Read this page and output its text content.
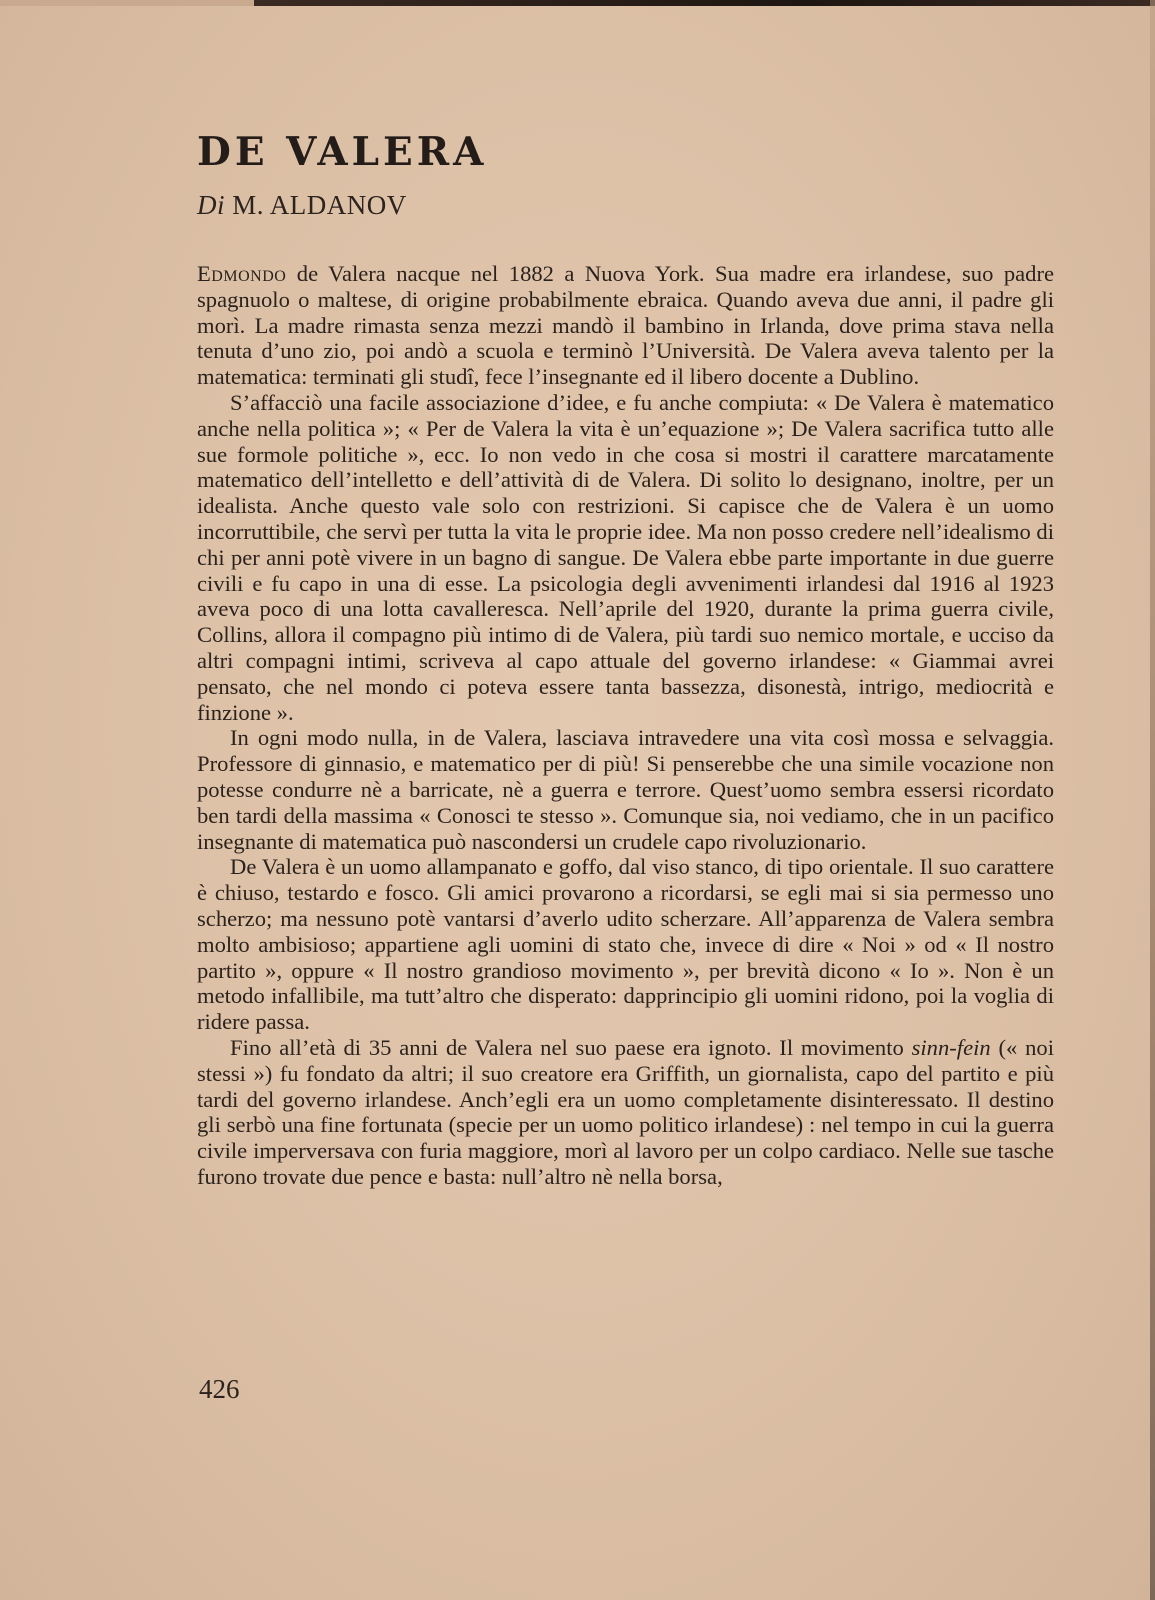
DE VALERA
Di M. ALDANOV

Edmondo de Valera nacque nel 1882 a Nuova York. Sua madre era irlandese, suo padre spagnuolo o maltese, di origine probabilmente ebraica. Quando aveva due anni, il padre gli morì. La madre rimasta senza mezzi mandò il bambino in Irlanda, dove prima stava nella tenuta d’uno zio, poi andò a scuola e terminò l’Università. De Valera aveva talento per la matematica: terminati gli studî, fece l’insegnante ed il libero docente a Dublino.

S’affacciò una facile associazione d’idee, e fu anche compiuta: « De Valera è matematico anche nella politica »; « Per de Valera la vita è un’equazione »; De Valera sacrifica tutto alle sue formole politiche », ecc. Io non vedo in che cosa si mostri il carattere marcatamente matematico dell’intelletto e dell’attività di de Valera. Di solito lo designano, inoltre, per un idealista. Anche questo vale solo con restrizioni. Si capisce che de Valera è un uomo incorruttibile, che servì per tutta la vita le proprie idee. Ma non posso credere nell’idealismo di chi per anni potè vivere in un bagno di sangue. De Valera ebbe parte importante in due guerre civili e fu capo in una di esse. La psicologia degli avvenimenti irlandesi dal 1916 al 1923 aveva poco di una lotta cavalleresca. Nell’aprile del 1920, durante la prima guerra civile, Collins, allora il compagno più intimo di de Valera, più tardi suo nemico mortale, e ucciso da altri compagni intimi, scriveva al capo attuale del governo irlandese: « Giammai avrei pensato, che nel mondo ci poteva essere tanta bassezza, disonestà, intrigo, mediocrità e finzione ».

In ogni modo nulla, in de Valera, lasciava intravedere una vita così mossa e selvaggia. Professore di ginnasio, e matematico per di più! Si penserebbe che una simile vocazione non potesse condurre nè a barricate, nè a guerra e terrore. Quest’uomo sembra essersi ricordato ben tardi della massima « Conosci te stesso ». Comunque sia, noi vediamo, che in un pacifico insegnante di matematica può nascondersi un crudele capo rivoluzionario.

De Valera è un uomo allampanato e goffo, dal viso stanco, di tipo orientale. Il suo carattere è chiuso, testardo e fosco. Gli amici provarono a ricordarsi, se egli mai si sia permesso uno scherzo; ma nessuno potè vantarsi d’averlo udito scherzare. All’apparenza de Valera sembra molto ambisioso; appartiene agli uomini di stato che, invece di dire « Noi » od « Il nostro partito », oppure « Il nostro grandioso movimento », per brevità dicono « Io ». Non è un metodo infallibile, ma tutt’altro che disperato: dapprincipio gli uomini ridono, poi la voglia di ridere passa.

Fino all’età di 35 anni de Valera nel suo paese era ignoto. Il movimento sinn-fein (« noi stessi ») fu fondato da altri; il suo creatore era Griffith, un giornalista, capo del partito e più tardi del governo irlandese. Anch’egli era un uomo completamente disinteressato. Il destino gli serbò una fine fortunata (specie per un uomo politico irlandese) : nel tempo in cui la guerra civile imperversava con furia maggiore, morì al lavoro per un colpo cardiaco. Nelle sue tasche furono trovate due pence e basta: null’altro nè nella borsa,

426
